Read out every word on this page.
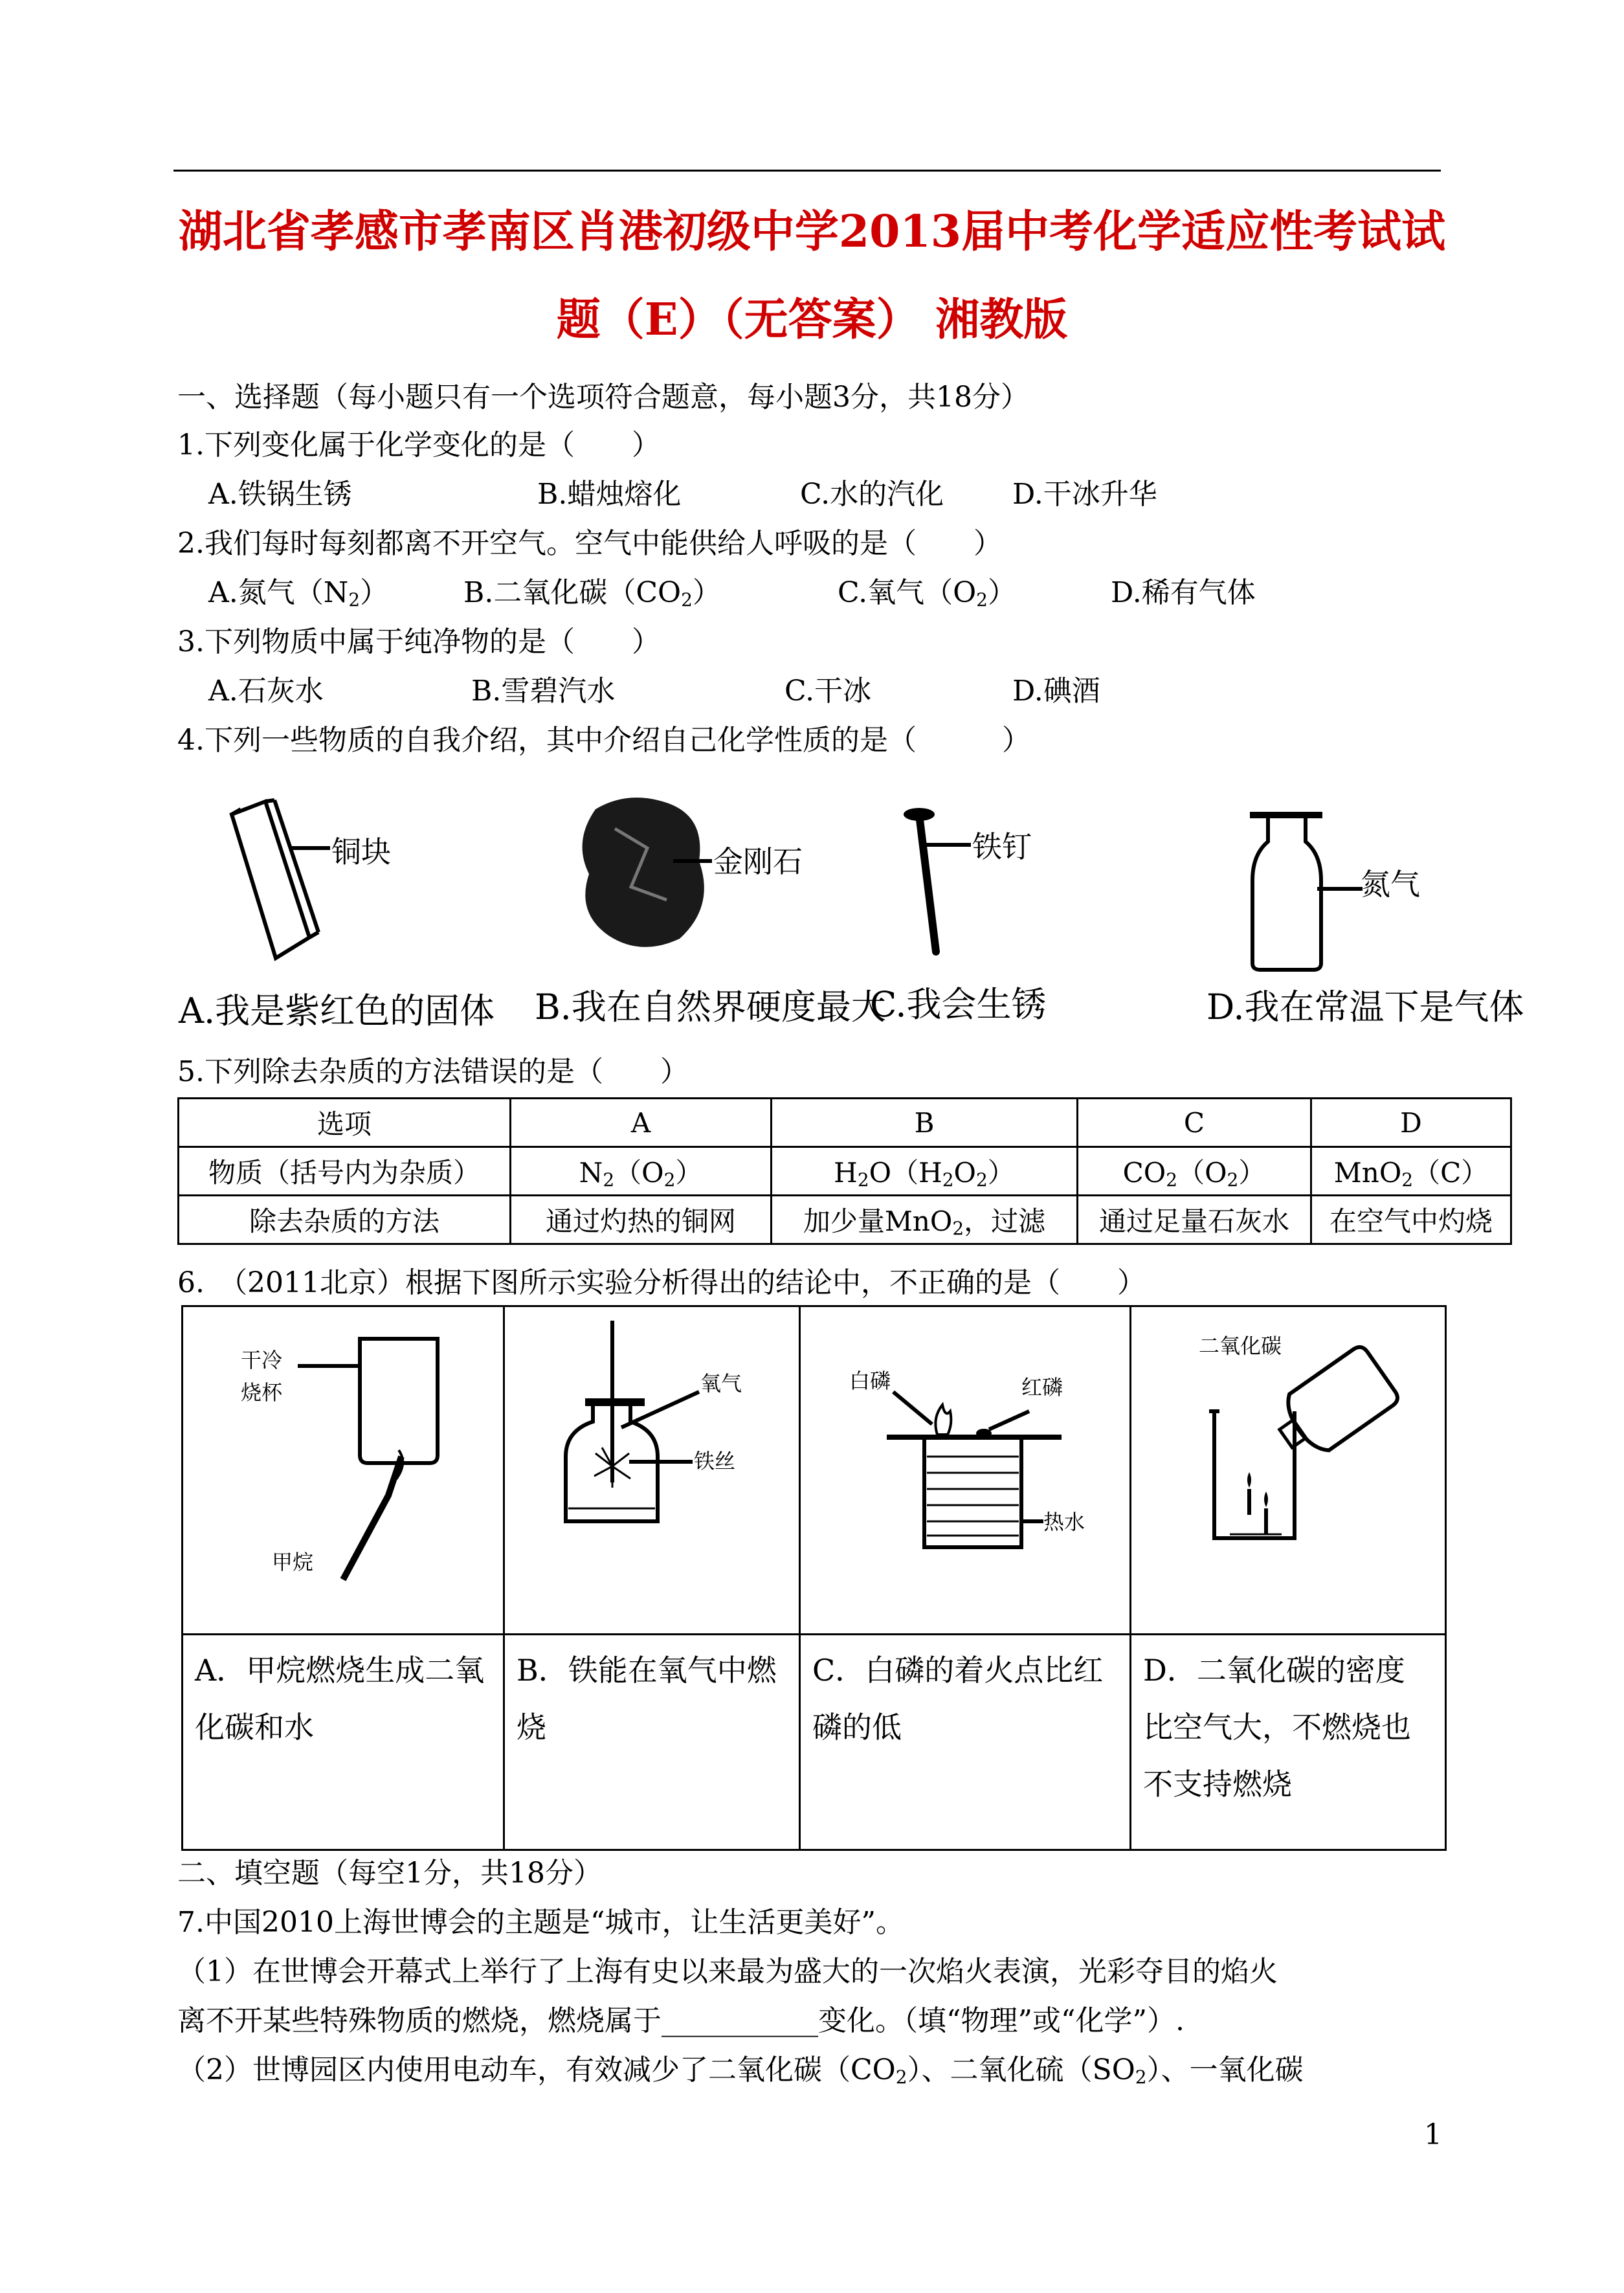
湖北省孝感市孝南区肖港初级中学2013届中考化学适应性考试试
题（E）（无答案） 湘教版
一、选择题（每小题只有一个选项符合题意，每小题3分，共18分）
1.下列变化属于化学变化的是（　　）
A.铁锅生锈	B.蜡烛熔化	C.水的汽化 D.干冰升华
2.我们每时每刻都离不开空气。空气中能供给人呼吸的是（　　）
A.氮气$(N_2)$	B.二氧化碳$(CO_2)$	C.氧气$(O_2)$	D.稀有气体
3.下列物质中属于纯净物的是（　　）
A.石灰水	B.雪碧汽水	C.干冰	D.碘酒
4.下列一些物质的自我介绍，其中介绍自己化学性质的是（　　　）
铜块	金刚石	铁钉
氮气
A.我是紫红色的固体 B.我在自然界硬度最大
C.我会生锈	D.我在常温下是气体
5.下列除去杂质的方法错误的是（　　）
选项	A	B	C	D
物质（括号内为杂质）	$N_2(O_2)$	$H_2O(H_2O_2)$	$CO_2(O_2)$	MnO$_2$（C）
除去杂质的方法	通过灼热的铜网	加少量MnO$_2$，过滤	通过足量石灰水	在空气中灼烧
6.　（2011北京）根据下图所示实验分析得出的结论中，不正确的是（　　）

A．甲烷燃烧生成二氧化碳和水	B．铁能在氧气中燃烧	C．白磷的着火点比红磷的低	D．二氧化碳的密度比空气大，不燃烧也不支持燃烧
干冷
烧杯
甲烷
氧气
铁丝
白磷	红磷
热水
二氧化碳
二、填空题（每空1分，共18分）
7.中国2010上海世博会的主题是“城市，让生活更美好”。
（1）在世博会开幕式上举行了上海有史以来最为盛大的一次焰火表演，光彩夺目的焰火
离不开某些特殊物质的燃烧，燃烧属于___________变化。（填“物理”或“化学”）.
（2）世博园区内使用电动车，有效减少了二氧化碳$(CO_2)$、二氧化硫$(SO_2)$、一氧化碳
1
